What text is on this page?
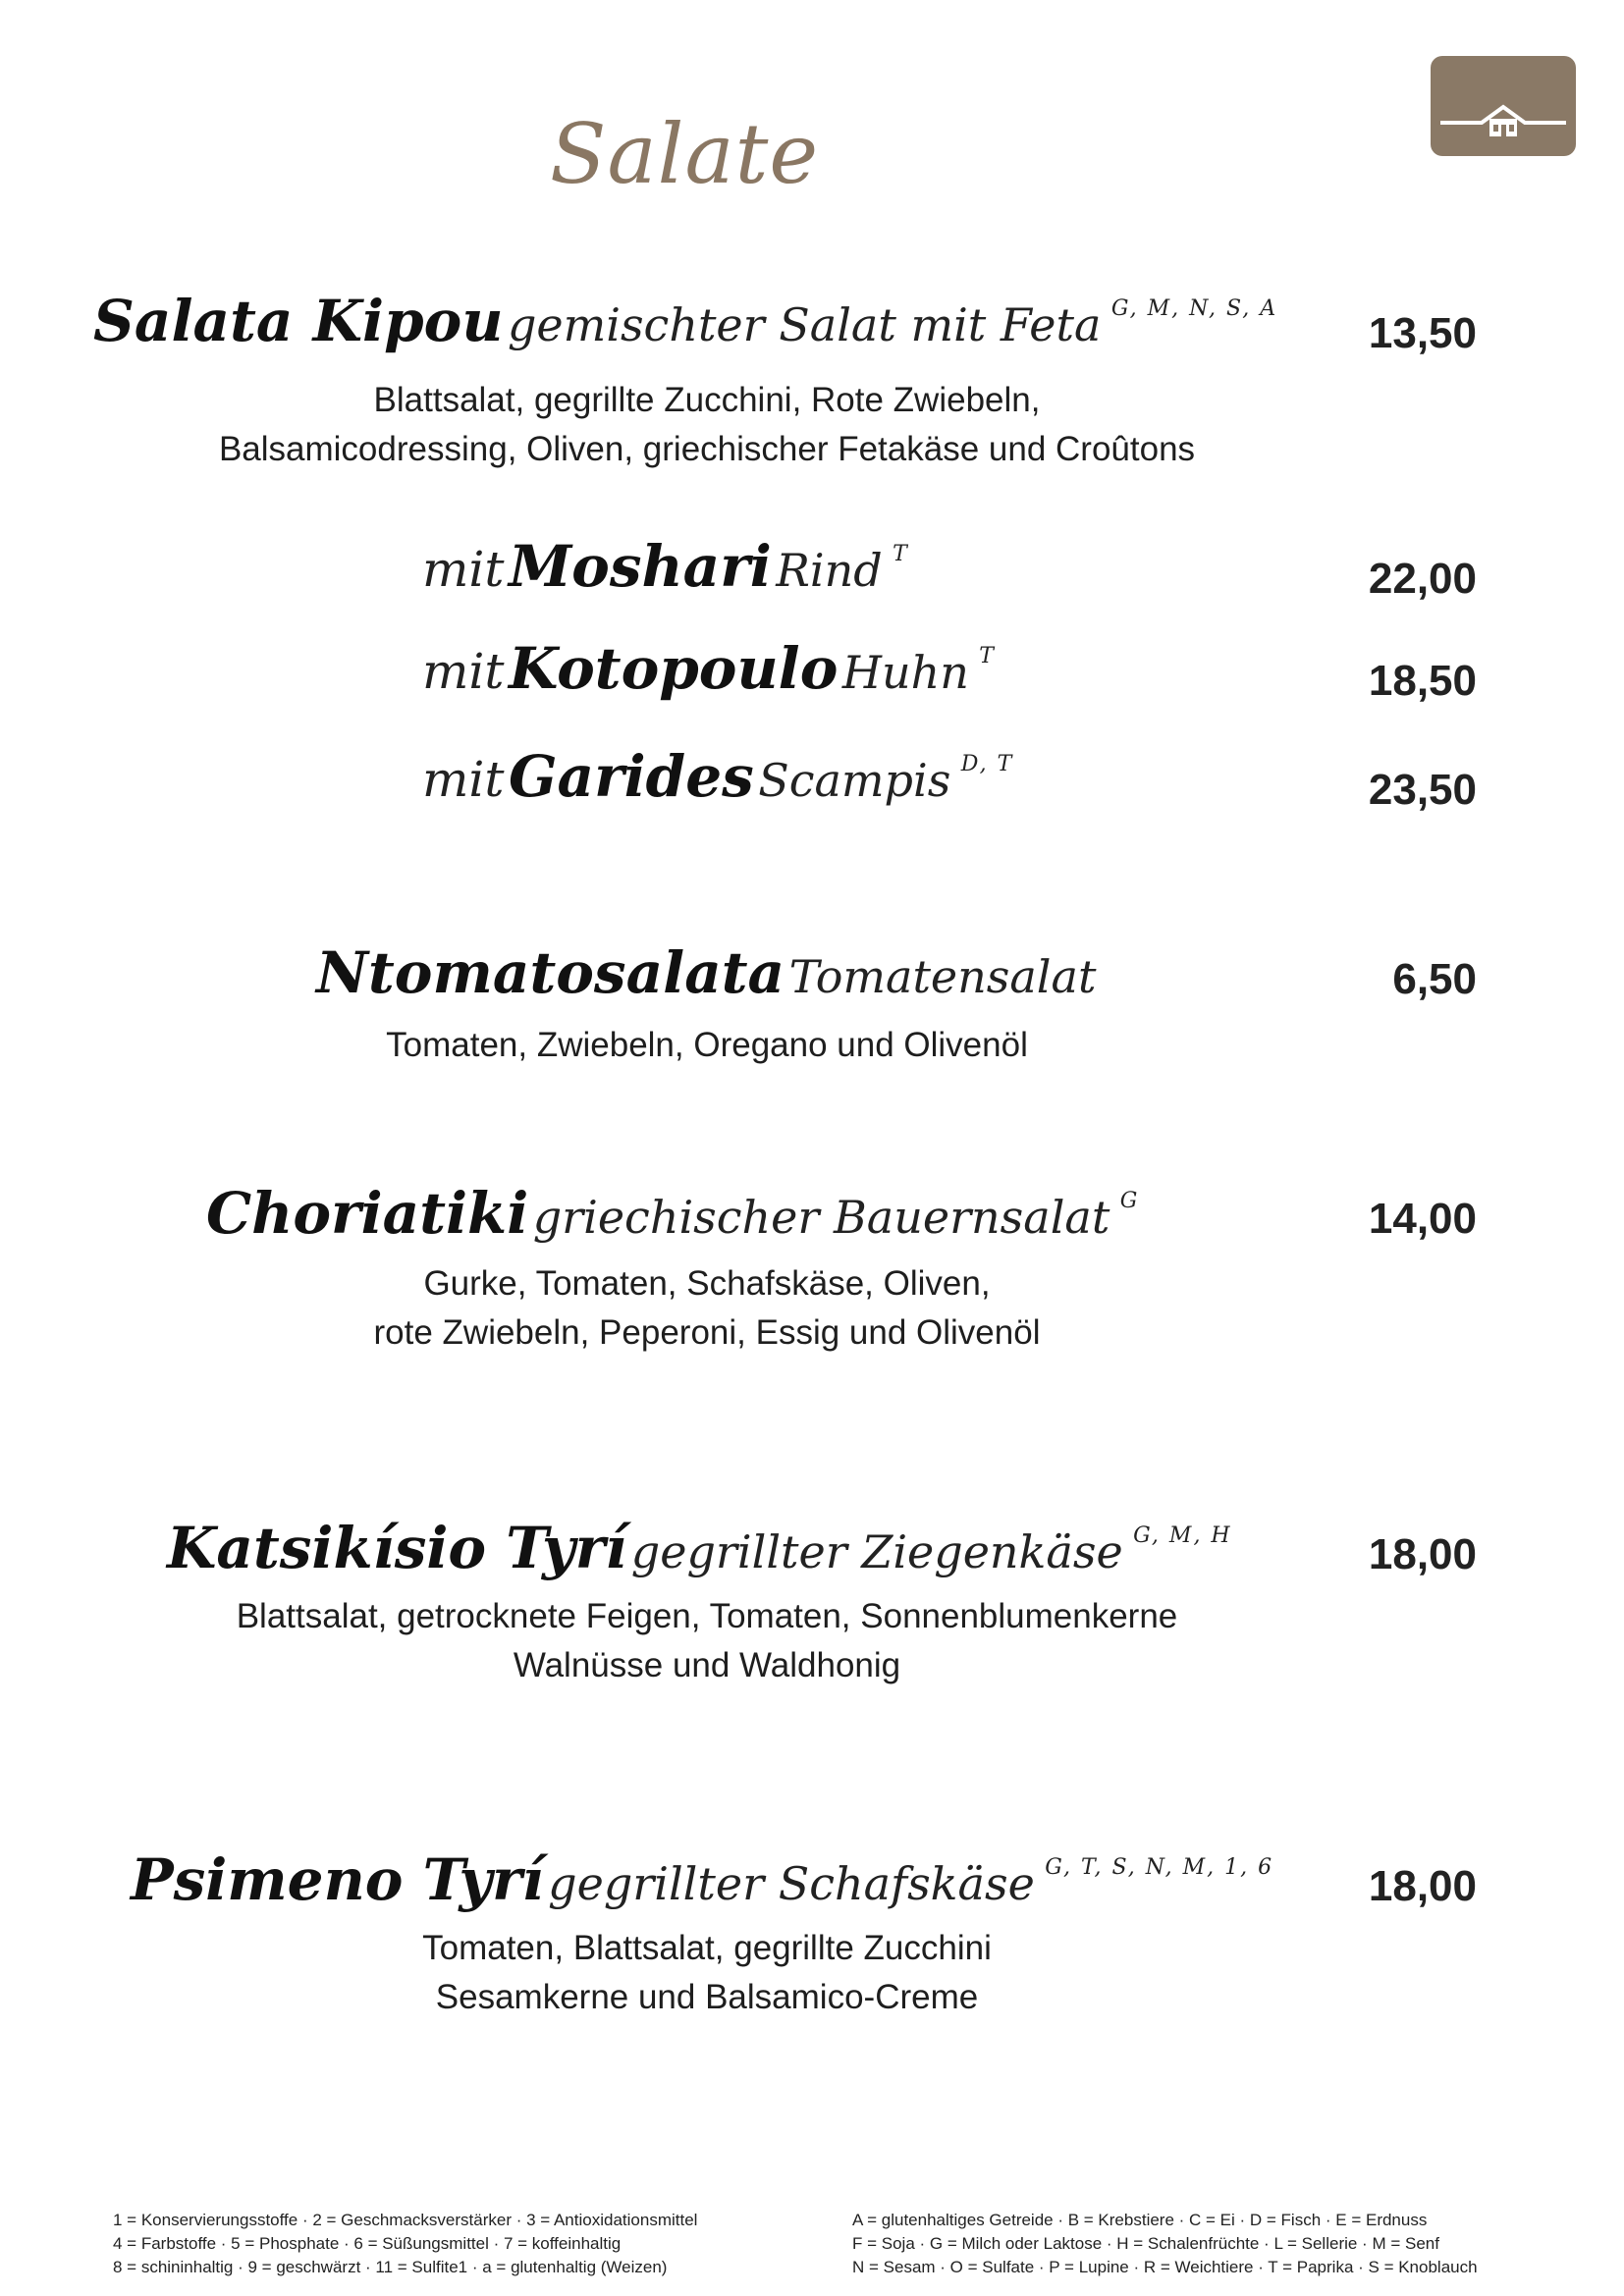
Salate
Salata Kipou gemischter Salat mit Feta G, M, N, S, A
13,50
Blattsalat, gegrillte Zucchini, Rote Zwiebeln,
Balsamicodressing, Oliven, griechischer Fetakäse und Croûtons
mit Moshari Rind T
22,00
mit Kotopoulo Huhn T
18,50
mit Garides Scampis D, T
23,50
Ntomatosalata Tomatensalat	6,50
Tomaten, Zwiebeln, Oregano und Olivenöl
Choriatiki griechischer Bauernsalat G	14,00
Gurke, Tomaten, Schafskäse, Oliven,
rote Zwiebeln, Peperoni, Essig und Olivenöl
Katsikísio Tyrí gegrillter Ziegenkäse G, M, H	18,00
Blattsalat, getrocknete Feigen, Tomaten, Sonnenblumenkerne
Walnüsse und Waldhonig
Psimeno Tyrí gegrillter Schafskäse G, T, S, N, M, 1, 6	18,00
Tomaten, Blattsalat, gegrillte Zucchini
Sesamkerne und Balsamico-Creme
1 = Konservierungsstoffe · 2 = Geschmacksverstärker · 3 = Antioxidationsmittel
4 = Farbstoffe · 5 = Phosphate · 6 = Süßungsmittel · 7 = koffeinhaltig
8 = schininhaltig · 9 = geschwärzt · 11 = Sulfite1 · a = glutenhaltig (Weizen)
A = glutenhaltiges Getreide · B = Krebstiere · C = Ei · D = Fisch · E = Erdnuss
F = Soja · G = Milch oder Laktose · H = Schalenfrüchte · L = Sellerie · M = Senf
N = Sesam · O = Sulfate · P = Lupine · R = Weichtiere · T = Paprika · S = Knoblauch
